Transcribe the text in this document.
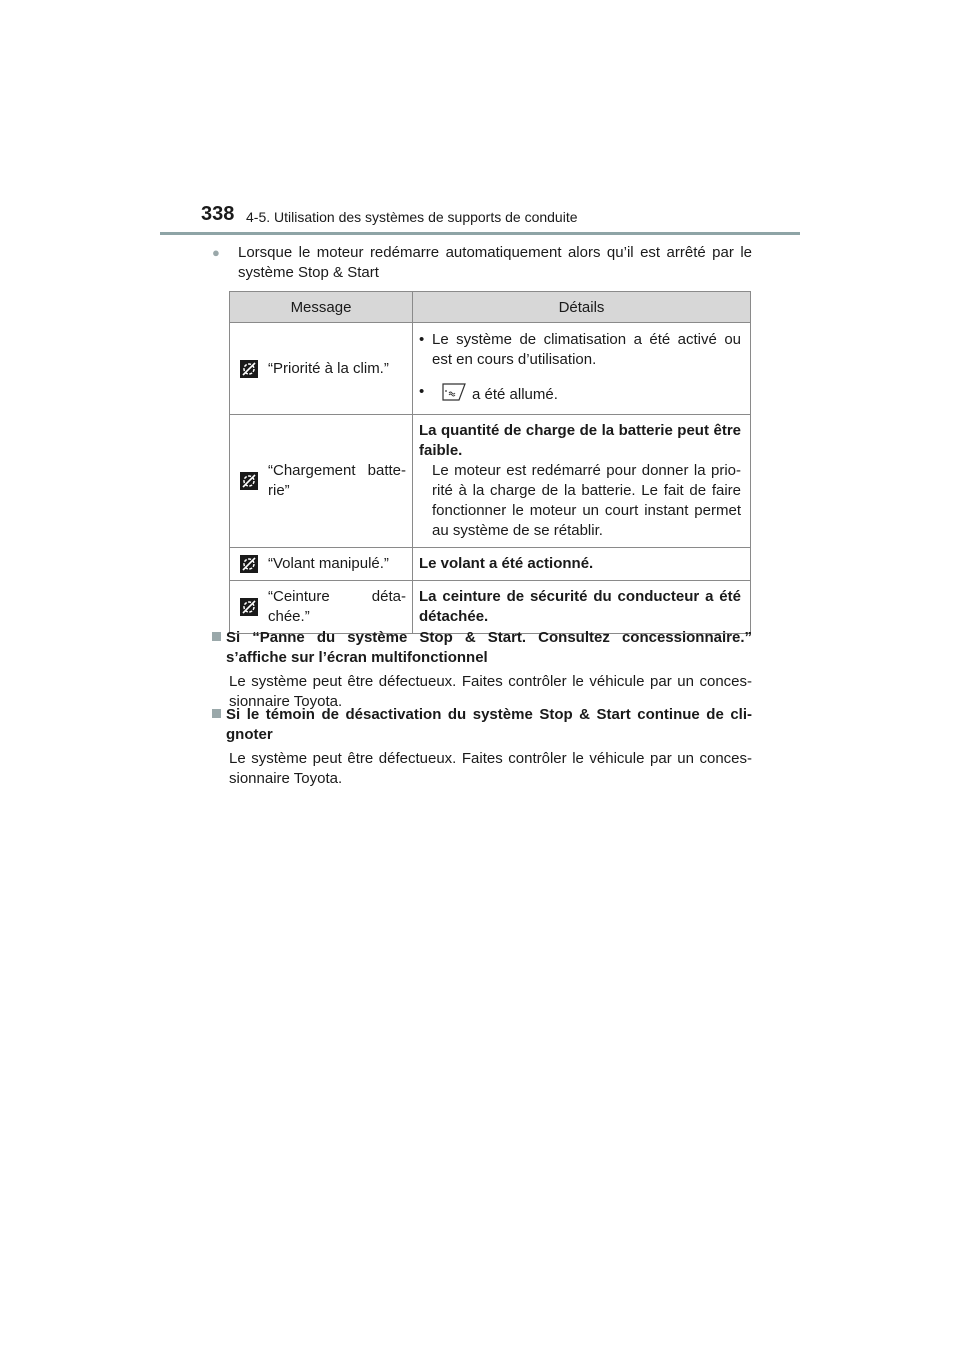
338 4-5. Utilisation des systèmes de supports de conduite
● Lorsque le moteur redémarre automatiquement alors qu’il est arrêté par le système Stop & Start
Message	Détails

“Priorité à la clim.”	• Le système de climatisation a été activé ou est en cours d’utilisation.
• a été allumé.

“Chargement batte-rie”	La quantité de charge de la batterie peut être faible.
Le moteur est redémarré pour donner la prio-rité à la charge de la batterie. Le fait de faire fonctionner le moteur un court instant permet au système de se rétablir.

“Volant manipulé.”	Le volant a été actionné.

“Ceinture déta-chée.”	La ceinture de sécurité du conducteur a été détachée.
Si “Panne du système Stop & Start. Consultez concessionnaire.” s’affiche sur l’écran multifonctionnel
Le système peut être défectueux. Faites contrôler le véhicule par un conces-sionnaire Toyota.
Si le témoin de désactivation du système Stop & Start continue de cli-gnoter
Le système peut être défectueux. Faites contrôler le véhicule par un conces-sionnaire Toyota.
